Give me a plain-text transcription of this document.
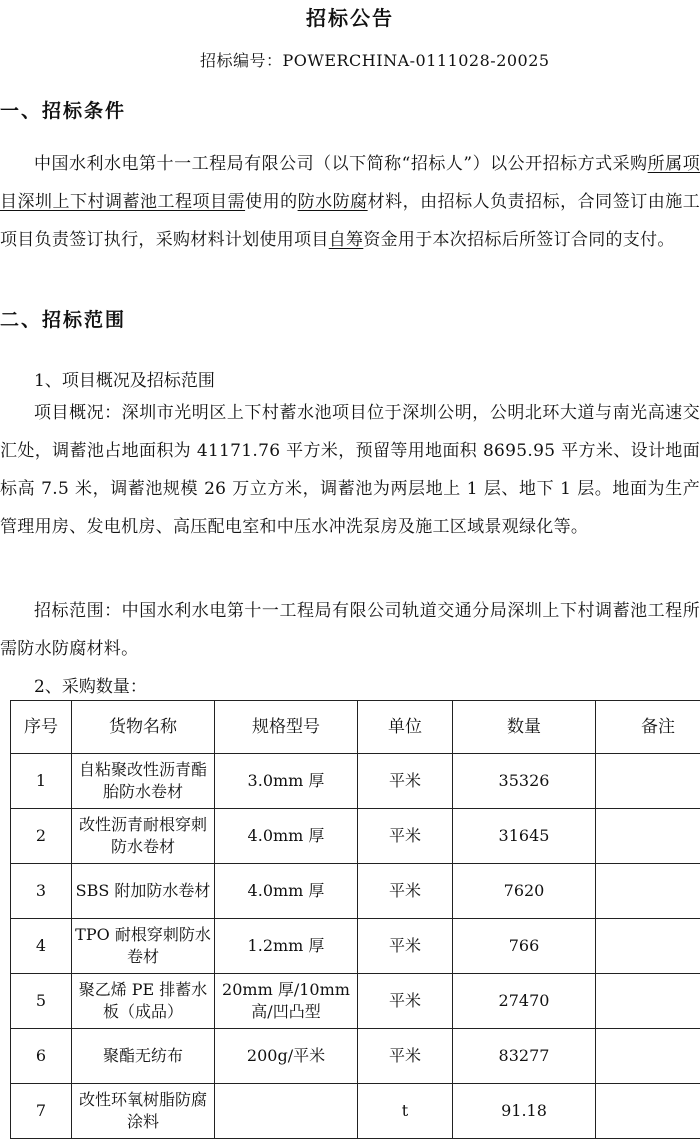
招标公告
招标编号：POWERCHINA-0111028-20025
一、招标条件
中国水利水电第十一工程局有限公司（以下简称“招标人”）以公开招标方式采购所属项目深圳上下村调蓄池工程项目需使用的防水防腐材料，由招标人负责招标，合同签订由施工项目负责签订执行，采购材料计划使用项目自筹资金用于本次招标后所签订合同的支付。
二、招标范围
1、项目概况及招标范围
项目概况：深圳市光明区上下村蓄水池项目位于深圳公明，公明北环大道与南光高速交汇处，调蓄池占地面积为 41171.76 平方米，预留等用地面积 8695.95 平方米、设计地面标高 7.5 米，调蓄池规模 26 万立方米，调蓄池为两层地上 1 层、地下 1 层。地面为生产管理用房、发电机房、高压配电室和中压水冲洗泵房及施工区域景观绿化等。
招标范围：中国水利水电第十一工程局有限公司轨道交通分局深圳上下村调蓄池工程所需防水防腐材料。
2、采购数量：
序号	货物名称	规格型号	单位	数量	备注
1	自粘聚改性沥青酯胎防水卷材	3.0mm 厚	平米	35326	
2	改性沥青耐根穿刺防水卷材	4.0mm 厚	平米	31645	
3	SBS 附加防水卷材	4.0mm 厚	平米	7620	
4	TPO 耐根穿刺防水卷材	1.2mm 厚	平米	766	
5	聚乙烯 PE 排蓄水板（成品）	20mm 厚/10mm 高/凹凸型	平米	27470	
6	聚酯无纺布	200g/平米	平米	83277	
7	改性环氧树脂防腐涂料		t	91.18	
